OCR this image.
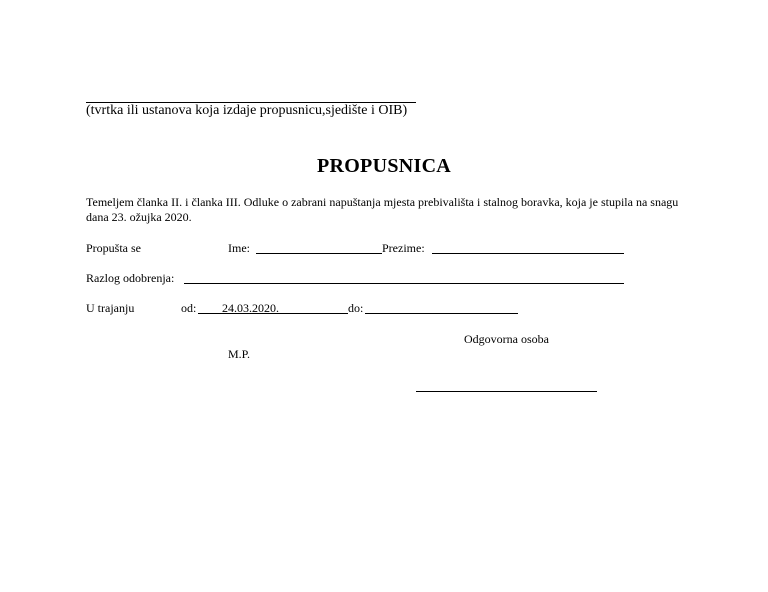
(tvrtka ili ustanova koja izdaje propusnicu,sjedište i OIB)
PROPUSNICA
Temeljem članka II. i članka III. Odluke o zabrani napuštanja mjesta prebivališta i stalnog boravka, koja je stupila na snagu dana 23. ožujka 2020.
Propušta se	Ime:	Prezime:
Razlog odobrenja:
U trajanju	od: 24.03.2020.	do:
Odgovorna osoba
M.P.
